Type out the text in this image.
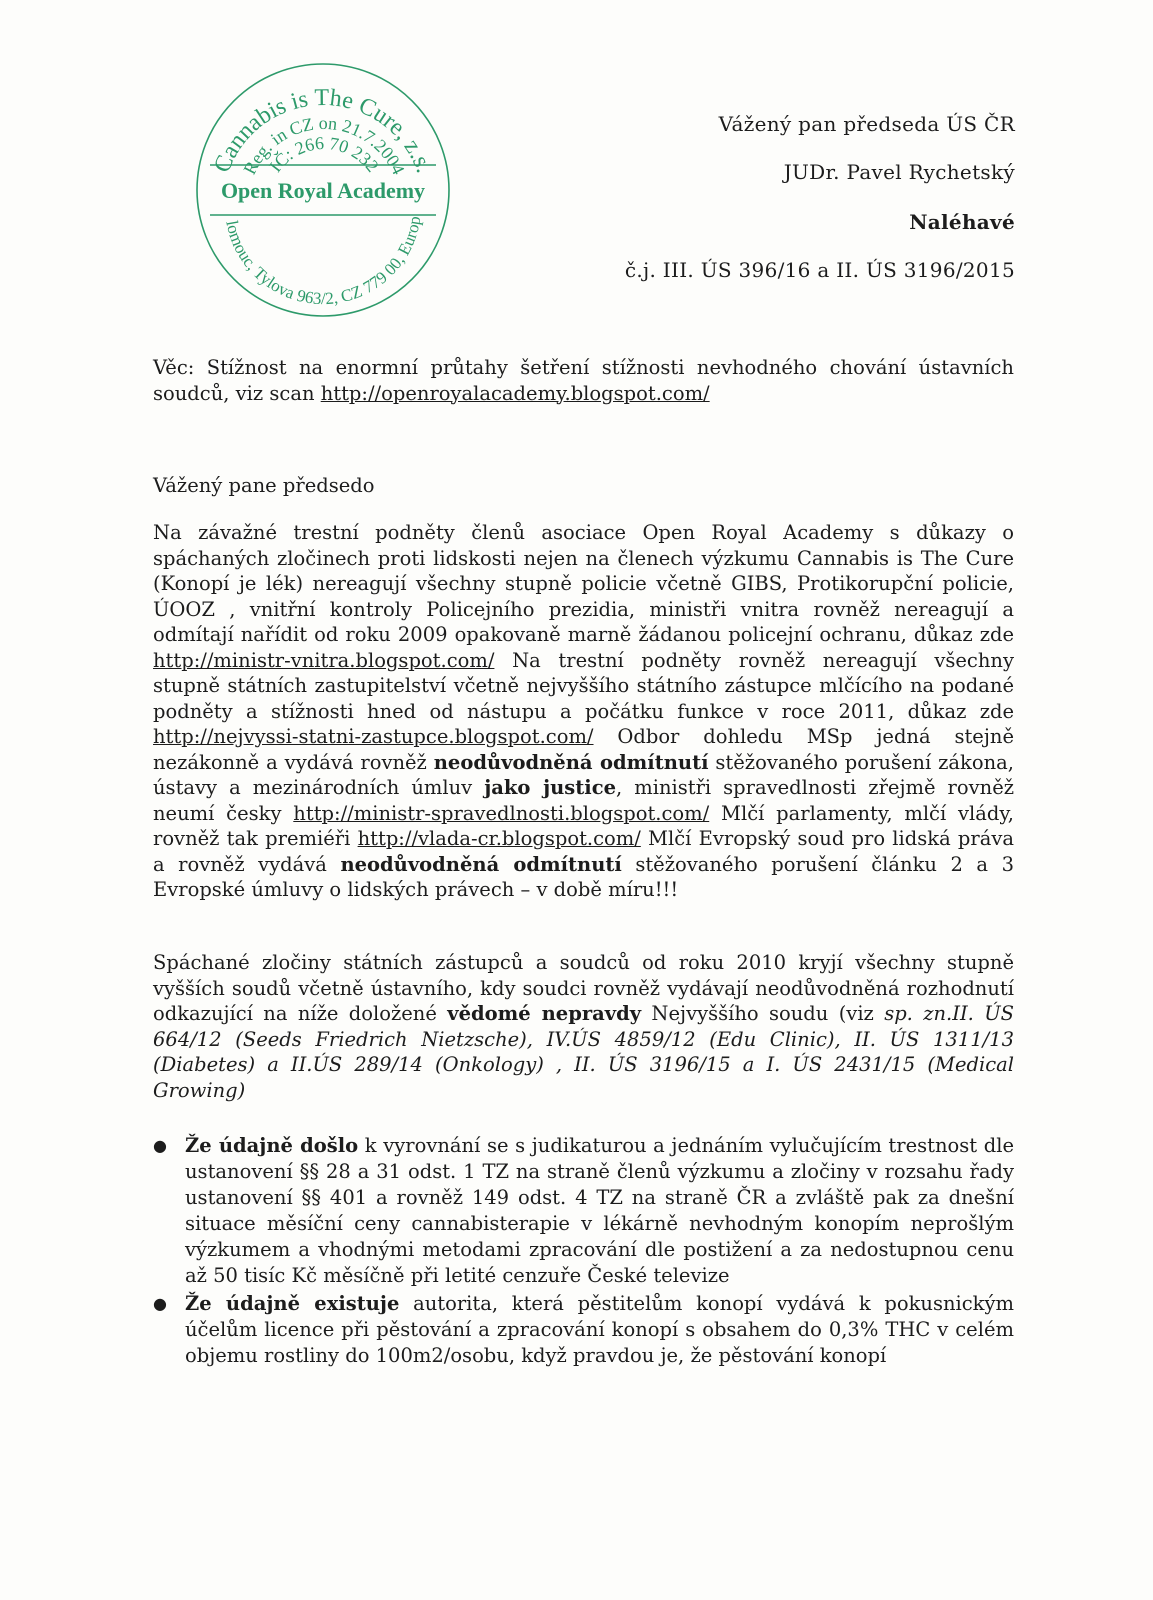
Cannabis is The Cure, z.s.
Reg. in CZ on 21.7.2004
IČ: 266 70 232
Open Royal Academy
lomouc, Tylova 963/2, CZ 779 00, Europ
Vážený pan předseda ÚS ČR
JUDr. Pavel Rychetský
Naléhavé
č.j. III. ÚS 396/16 a II. ÚS 3196/2015
Věc: Stížnost na enormní průtahy šetření stížnosti nevhodného chování ústavních soudců, viz scan http://openroyalacademy.blogspot.com/
Vážený pane předsedo
Na závažné trestní podněty členů asociace Open Royal Academy s důkazy o spáchaných zločinech proti lidskosti nejen na členech výzkumu Cannabis is The Cure (Konopí je lék) nereagují všechny stupně policie včetně GIBS, Protikorupční policie, ÚOOZ , vnitřní kontroly Policejního prezidia, ministři vnitra rovněž nereagují a odmítají nařídit od roku 2009 opakovaně marně žádanou policejní ochranu, důkaz zde http://ministr-vnitra.blogspot.com/ Na trestní podněty rovněž nereagují všechny stupně státních zastupitelství včetně nejvyššího státního zástupce mlčícího na podané podněty a stížnosti hned od nástupu a počátku funkce v roce 2011, důkaz zde http://nejvyssi-statni-zastupce.blogspot.com/ Odbor dohledu MSp jedná stejně nezákonně a vydává rovněž neodůvodněná odmítnutí stěžovaného porušení zákona, ústavy a mezinárodních úmluv jako justice, ministři spravedlnosti zřejmě rovněž neumí česky http://ministr-spravedlnosti.blogspot.com/ Mlčí parlamenty, mlčí vlády, rovněž tak premiéři http://vlada-cr.blogspot.com/ Mlčí Evropský soud pro lidská práva a rovněž vydává neodůvodněná odmítnutí stěžovaného porušení článku 2 a 3 Evropské úmluvy o lidských právech – v době míru!!!
Spáchané zločiny státních zástupců a soudců od roku 2010 kryjí všechny stupně vyšších soudů včetně ústavního, kdy soudci rovněž vydávají neodůvodněná rozhodnutí odkazující na níže doložené vědomé nepravdy Nejvyššího soudu (viz sp. zn.II. ÚS 664/12 (Seeds Friedrich Nietzsche), IV.ÚS 4859/12 (Edu Clinic), II. ÚS 1311/13 (Diabetes) a II.ÚS 289/14 (Onkology) , II. ÚS 3196/15 a I. ÚS 2431/15 (Medical Growing)
● Že údajně došlo k vyrovnání se s judikaturou a jednáním vylučujícím trestnost dle ustanovení §§ 28 a 31 odst. 1 TZ na straně členů výzkumu a zločiny v rozsahu řady ustanovení §§ 401 a rovněž 149 odst. 4 TZ na straně ČR a zvláště pak za dnešní situace měsíční ceny cannabisterapie v lékárně nevhodným konopím neprošlým výzkumem a vhodnými metodami zpracování dle postižení a za nedostupnou cenu až 50 tisíc Kč měsíčně při letité cenzuře České televize
● Že údajně existuje autorita, která pěstitelům konopí vydává k pokusnickým účelům licence při pěstování a zpracování konopí s obsahem do 0,3% THC v celém objemu rostliny do 100m2/osobu, když pravdou je, že pěstování konopí
